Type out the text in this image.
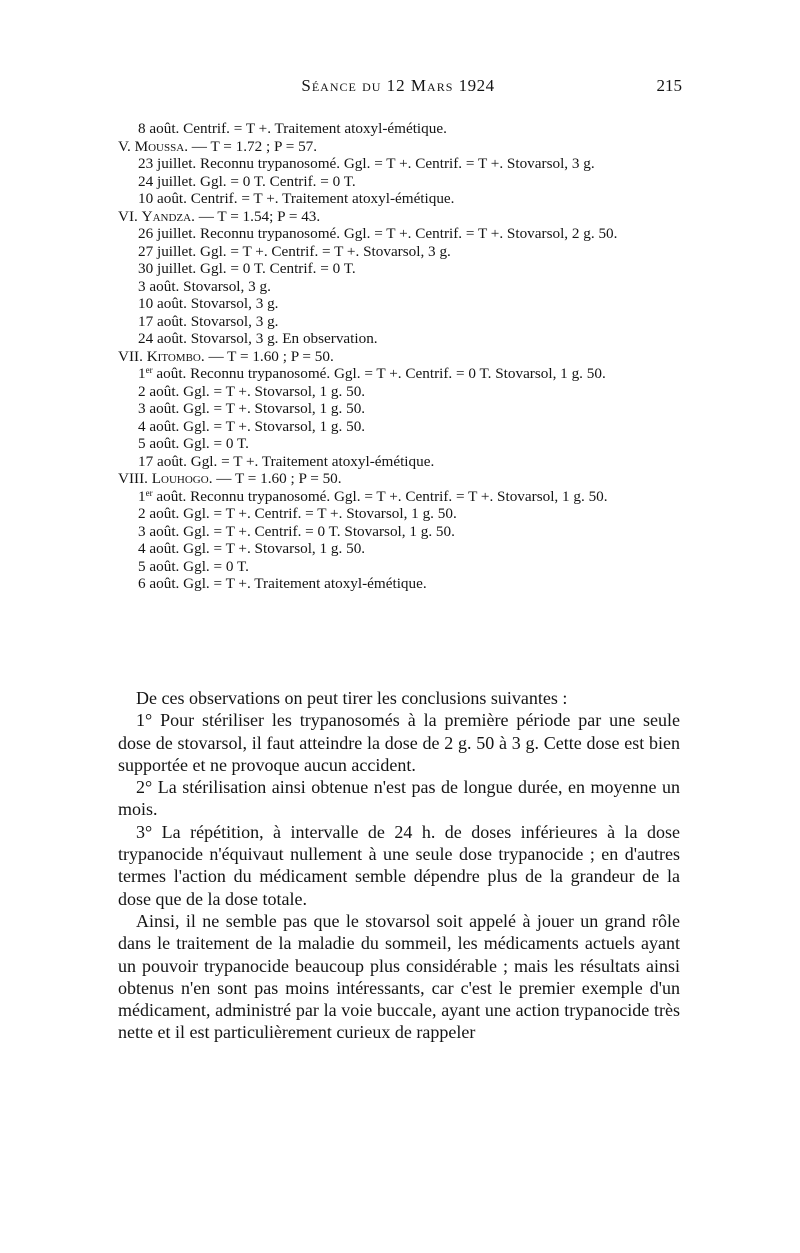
Séance du 12 Mars 1924	215

8 août. Centrif. = T +. Traitement atoxyl-émétique.

V. Moussa. — T = 1.72 ; P = 57.

23 juillet. Reconnu trypanosomé. Ggl. = T +. Centrif. = T +. Stovarsol, 3 g.

24 juillet. Ggl. = 0 T. Centrif. = 0 T.

10 août. Centrif. = T +. Traitement atoxyl-émétique.

VI. Yandza. — T = 1.54; P = 43.

26 juillet. Reconnu trypanosomé. Ggl. = T +. Centrif. = T +. Stovarsol, 2 g. 50.

27 juillet. Ggl. = T +. Centrif. = T +. Stovarsol, 3 g.

30 juillet. Ggl. = 0 T. Centrif. = 0 T.

3 août. Stovarsol, 3 g.

10 août. Stovarsol, 3 g.

17 août. Stovarsol, 3 g.

24 août. Stovarsol, 3 g. En observation.

VII. Kitombo. — T = 1.60 ; P = 50.

1er août. Reconnu trypanosomé. Ggl. = T +. Centrif. = 0 T. Stovarsol, 1 g. 50.

2 août. Ggl. = T +. Stovarsol, 1 g. 50.

3 août. Ggl. = T +. Stovarsol, 1 g. 50.

4 août. Ggl. = T +. Stovarsol, 1 g. 50.

5 août. Ggl. = 0 T.

17 août. Ggl. = T +. Traitement atoxyl-émétique.

VIII. Louhogo. — T = 1.60 ; P = 50.

1er août. Reconnu trypanosomé. Ggl. = T +. Centrif. = T +. Stovarsol, 1 g. 50.

2 août. Ggl. = T +. Centrif. = T +. Stovarsol, 1 g. 50.

3 août. Ggl. = T +. Centrif. = 0 T. Stovarsol, 1 g. 50.

4 août. Ggl. = T +. Stovarsol, 1 g. 50.

5 août. Ggl. = 0 T.

6 août. Ggl. = T +. Traitement atoxyl-émétique.

De ces observations on peut tirer les conclusions suivantes :

1° Pour stériliser les trypanosomés à la première période par une seule dose de stovarsol, il faut atteindre la dose de 2 g. 50 à 3 g. Cette dose est bien supportée et ne provoque aucun accident.

2° La stérilisation ainsi obtenue n'est pas de longue durée, en moyenne un mois.

3° La répétition, à intervalle de 24 h. de doses inférieures à la dose trypanocide n'équivaut nullement à une seule dose trypanocide ; en d'autres termes l'action du médicament semble dépendre plus de la grandeur de la dose que de la dose totale.

Ainsi, il ne semble pas que le stovarsol soit appelé à jouer un grand rôle dans le traitement de la maladie du sommeil, les médicaments actuels ayant un pouvoir trypanocide beaucoup plus considérable ; mais les résultats ainsi obtenus n'en sont pas moins intéressants, car c'est le premier exemple d'un médicament, administré par la voie buccale, ayant une action trypanocide très nette et il est particulièrement curieux de rappeler
